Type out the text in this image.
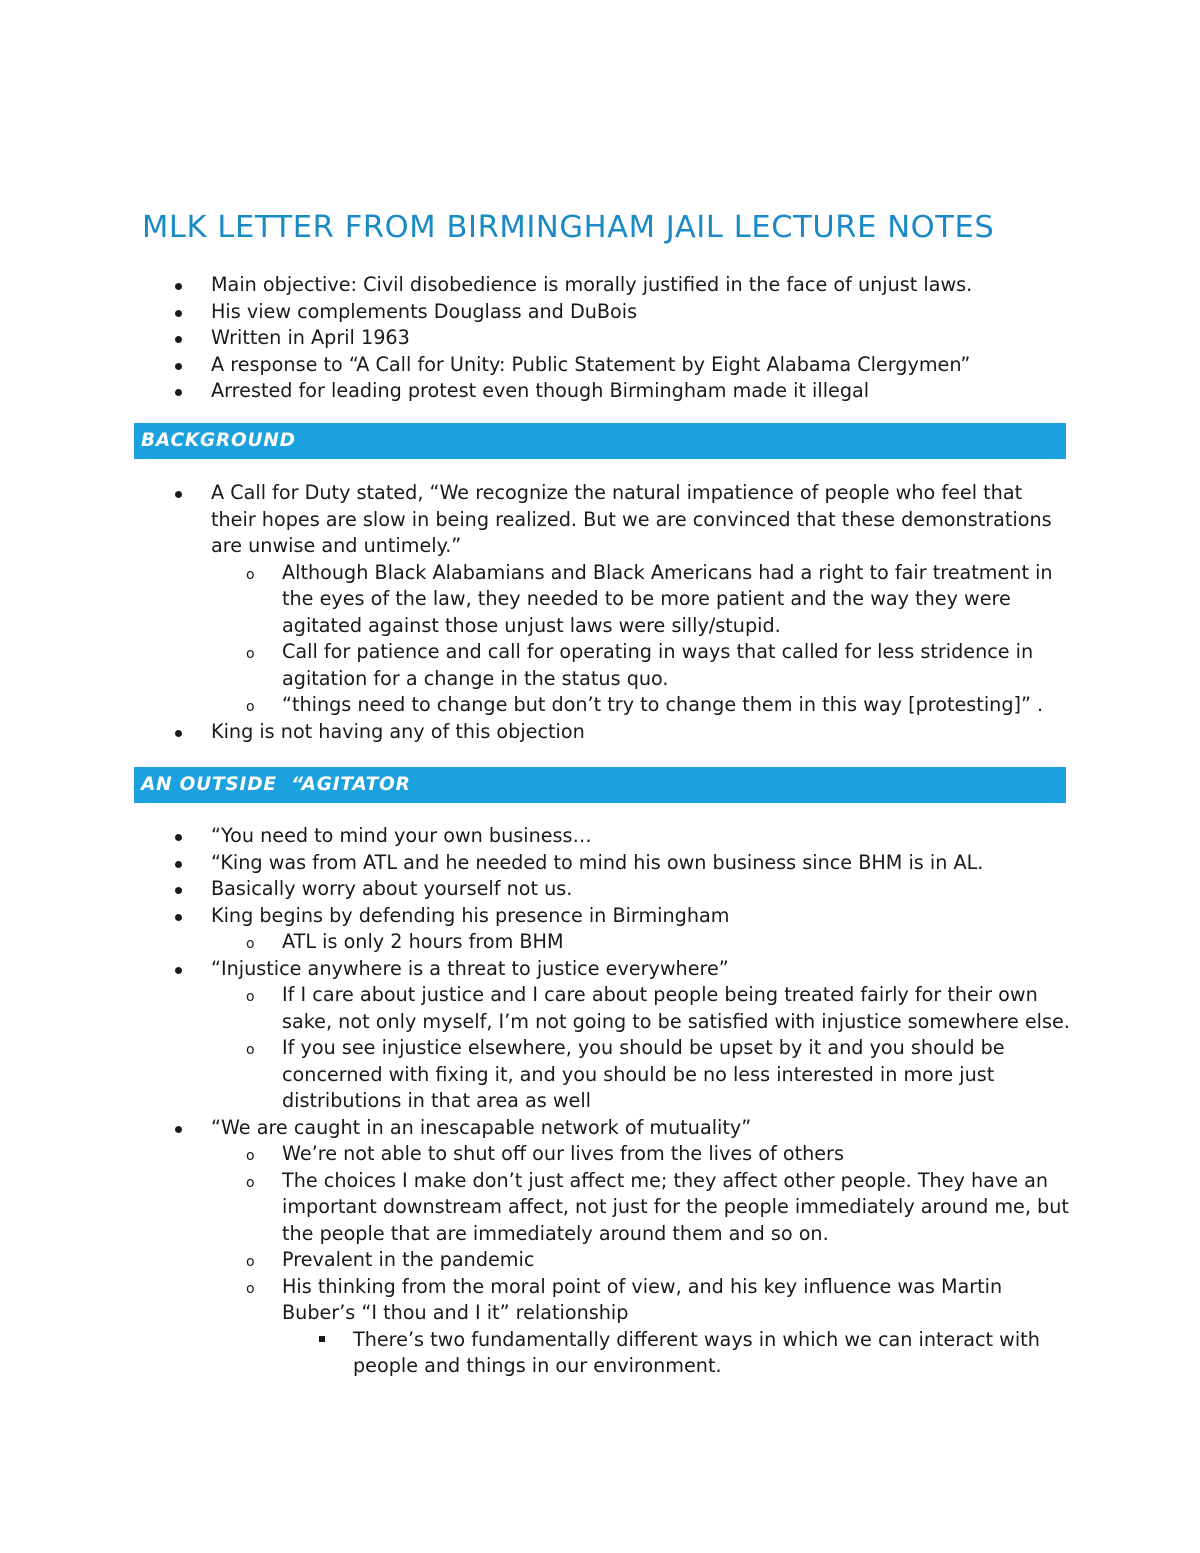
MLK LETTER FROM BIRMINGHAM JAIL LECTURE NOTES
Main objective: Civil disobedience is morally justified in the face of unjust laws.
His view complements Douglass and DuBois
Written in April 1963
A response to “A Call for Unity: Public Statement by Eight Alabama Clergymen”
Arrested for leading protest even though Birmingham made it illegal
BACKGROUND
A Call for Duty stated, “We recognize the natural impatience of people who feel that their hopes are slow in being realized. But we are convinced that these demonstrations are unwise and untimely.”
o Although Black Alabamians and Black Americans had a right to fair treatment in the eyes of the law, they needed to be more patient and the way they were agitated against those unjust laws were silly/stupid.
o Call for patience and call for operating in ways that called for less stridence in agitation for a change in the status quo.
o “things need to change but don’t try to change them in this way [protesting]” .
King is not having any of this objection
AN OUTSIDE  “AGITATOR
“You need to mind your own business…
“King was from ATL and he needed to mind his own business since BHM is in AL.
Basically worry about yourself not us.
King begins by defending his presence in Birmingham
o ATL is only 2 hours from BHM
“Injustice anywhere is a threat to justice everywhere”
o If I care about justice and I care about people being treated fairly for their own sake, not only myself, I’m not going to be satisfied with injustice somewhere else.
o If you see injustice elsewhere, you should be upset by it and you should be concerned with fixing it, and you should be no less interested in more just distributions in that area as well
“We are caught in an inescapable network of mutuality”
o We’re not able to shut off our lives from the lives of others
o The choices I make don’t just affect me; they affect other people. They have an important downstream affect, not just for the people immediately around me, but the people that are immediately around them and so on.
o Prevalent in the pandemic
o His thinking from the moral point of view, and his key influence was Martin Buber’s “I thou and I it” relationship
There’s two fundamentally different ways in which we can interact with people and things in our environment.
